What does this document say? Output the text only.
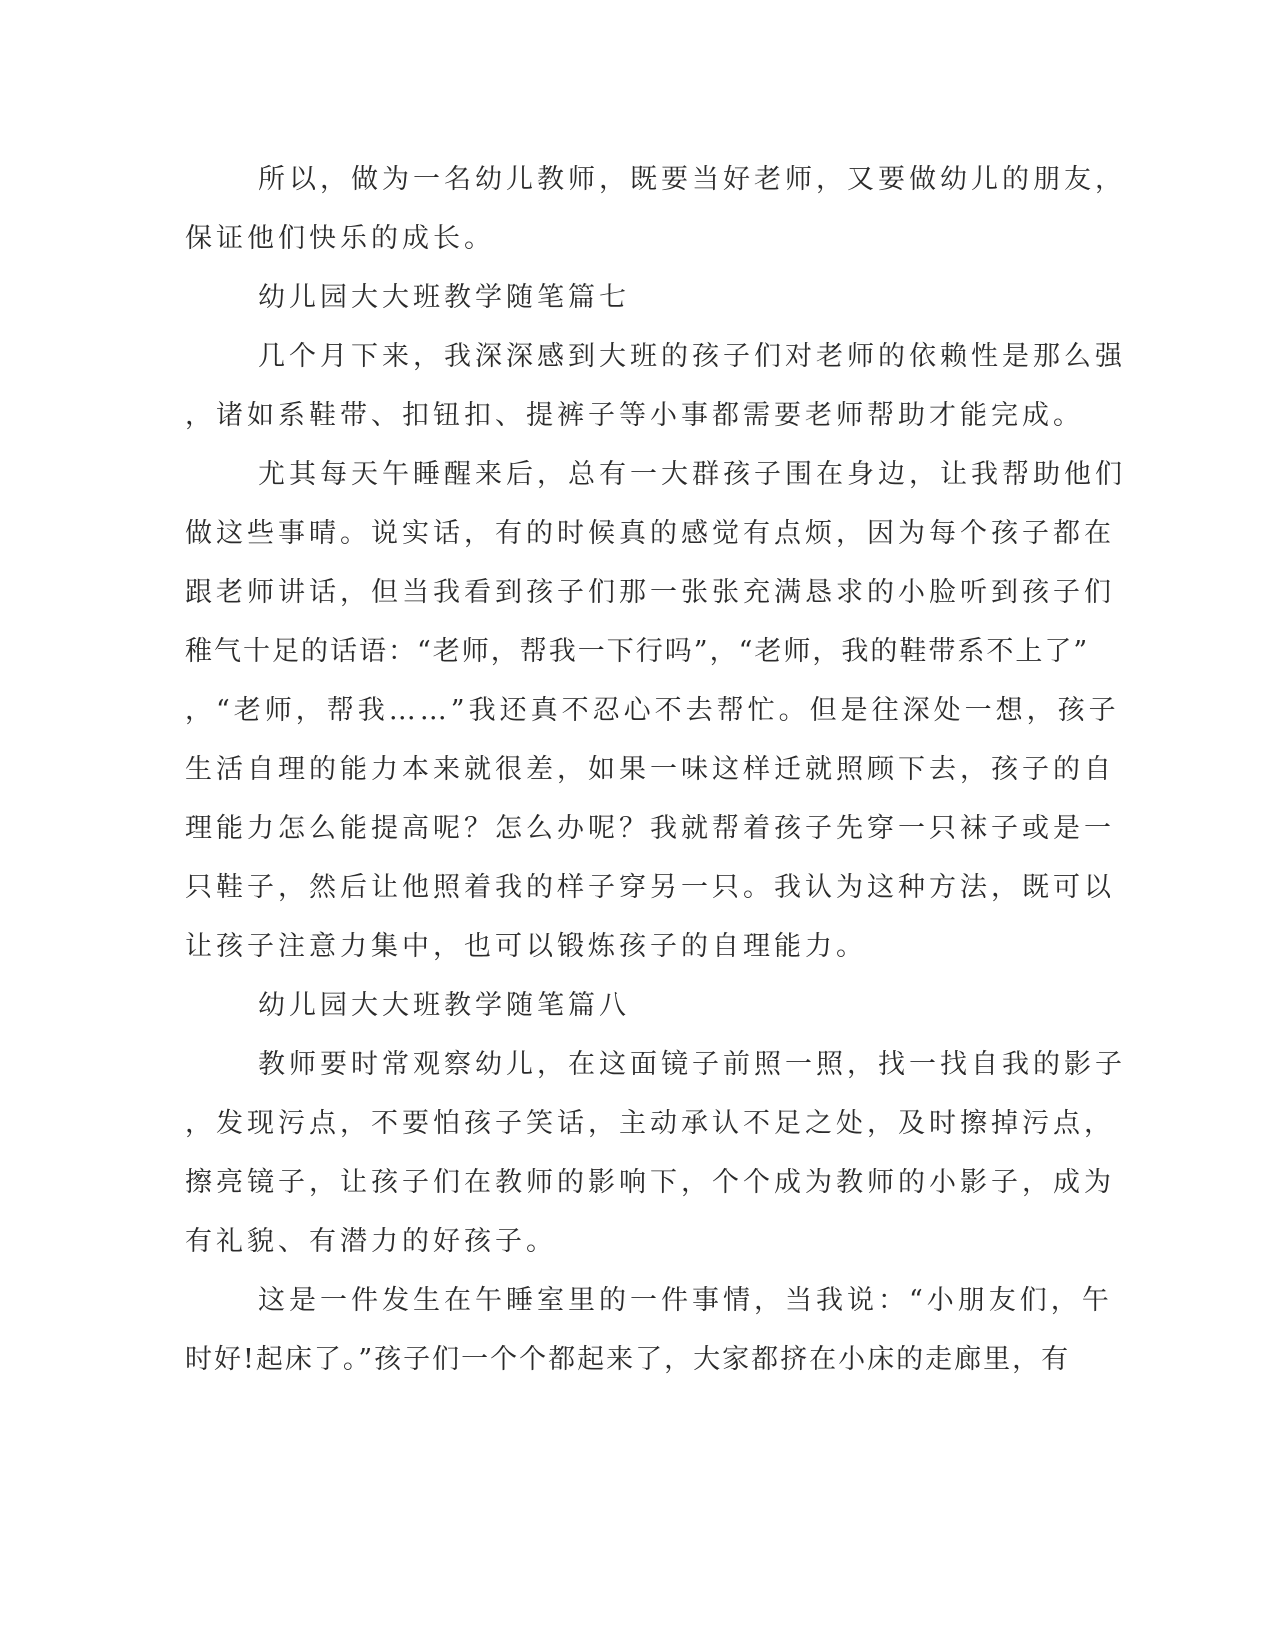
所以，做为一名幼儿教师，既要当好老师，又要做幼儿的朋友，
保证他们快乐的成长。
幼儿园大大班教学随笔篇七
几个月下来，我深深感到大班的孩子们对老师的依赖性是那么强
，诸如系鞋带、扣钮扣、提裤子等小事都需要老师帮助才能完成。
尤其每天午睡醒来后，总有一大群孩子围在身边，让我帮助他们
做这些事晴。说实话，有的时候真的感觉有点烦，因为每个孩子都在
跟老师讲话，但当我看到孩子们那一张张充满恳求的小脸听到孩子们
稚气十足的话语：“老师，帮我一下行吗”，“老师，我的鞋带系不上了”
，“老师，帮我……”我还真不忍心不去帮忙。但是往深处一想，孩子
生活自理的能力本来就很差，如果一味这样迁就照顾下去，孩子的自
理能力怎么能提高呢？怎么办呢？我就帮着孩子先穿一只袜子或是一
只鞋子，然后让他照着我的样子穿另一只。我认为这种方法，既可以
让孩子注意力集中，也可以锻炼孩子的自理能力。
幼儿园大大班教学随笔篇八
教师要时常观察幼儿，在这面镜子前照一照，找一找自我的影子
，发现污点，不要怕孩子笑话，主动承认不足之处，及时擦掉污点，
擦亮镜子，让孩子们在教师的影响下，个个成为教师的小影子，成为
有礼貌、有潜力的好孩子。
这是一件发生在午睡室里的一件事情，当我说：“小朋友们，午
时好!起床了。”孩子们一个个都起来了，大家都挤在小床的走廊里，有
